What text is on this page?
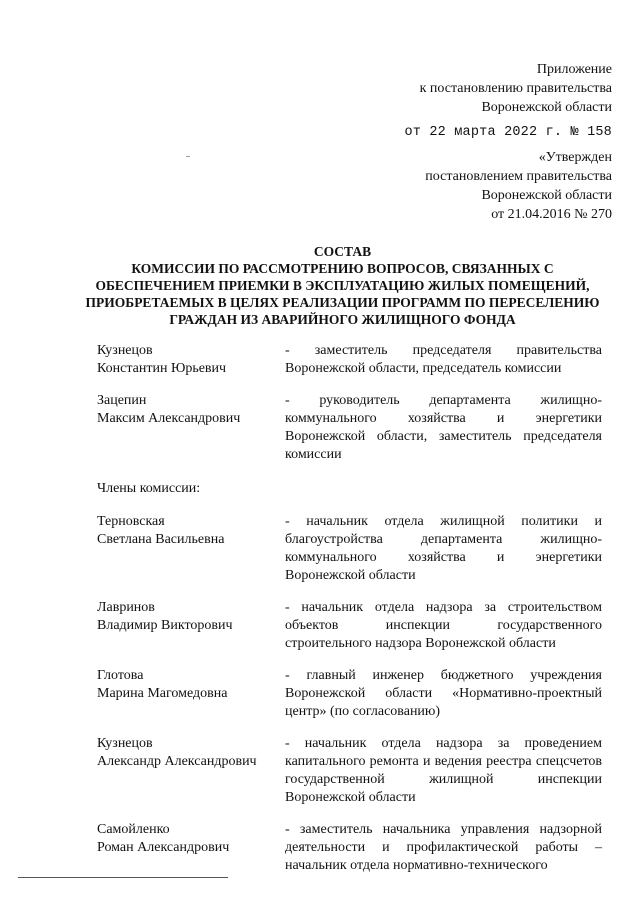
Приложение
к постановлению правительства
Воронежской области
от 22 марта 2022 г. № 158
«Утвержден
постановлением правительства
Воронежской области
от 21.04.2016 № 270
СОСТАВ
КОМИССИИ ПО РАССМОТРЕНИЮ ВОПРОСОВ, СВЯЗАННЫХ С
ОБЕСПЕЧЕНИЕМ ПРИЕМКИ В ЭКСПЛУАТАЦИЮ ЖИЛЫХ ПОМЕЩЕНИЙ,
ПРИОБРЕТАЕМЫХ В ЦЕЛЯХ РЕАЛИЗАЦИИ ПРОГРАММ ПО ПЕРЕСЕЛЕНИЮ
ГРАЖДАН ИЗ АВАРИЙНОГО ЖИЛИЩНОГО ФОНДА
Кузнецов
Константин Юрьевич
- заместитель председателя правительства Воронежской области, председатель комиссии
Зацепин
Максим Александрович
- руководитель департамента жилищно-коммунального хозяйства и энергетики Воронежской области, заместитель председателя комиссии
Члены комиссии:
Терновская
Светлана Васильевна
- начальник отдела жилищной политики и благоустройства департамента жилищно-коммунального хозяйства и энергетики Воронежской области
Лавринов
Владимир Викторович
- начальник отдела надзора за строительством объектов инспекции государственного строительного надзора Воронежской области
Глотова
Марина Магомедовна
- главный инженер бюджетного учреждения Воронежской области «Нормативно-проектный центр» (по согласованию)
Кузнецов
Александр Александрович
- начальник отдела надзора за проведением капитального ремонта и ведения реестра спецсчетов государственной жилищной инспекции Воронежской области
Самойленко
Роман Александрович
- заместитель начальника управления надзорной деятельности и профилактической работы – начальник отдела нормативно-технического
